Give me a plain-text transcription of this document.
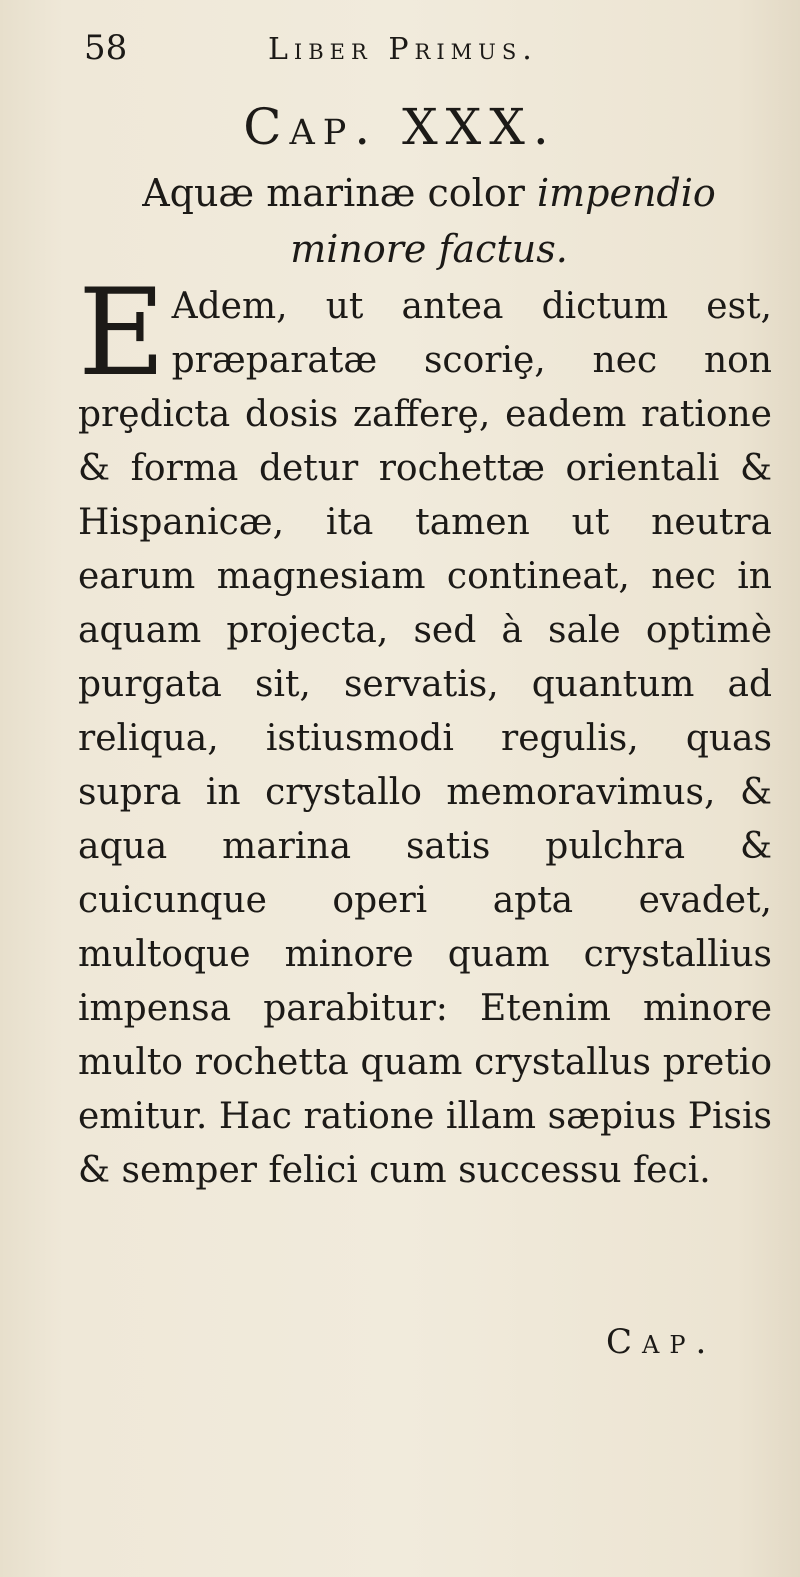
58	Liber Primus.
Cap. XXX.
Aquæ marinæ color impendio minore factus.
E Adem, ut antea dictum est, præparatæ scoriȩ, nec non prȩdicta dosis zafferȩ, eadem ratione & forma detur rochettæ orientali & Hispanicæ, ita tamen ut neutra earum magnesiam contineat, nec in aquam projecta, sed à sale optimè purgata sit, servatis, quantum ad reliqua, istiusmodi regulis, quas supra in crystallo memoravimus, & aqua marina satis pulchra & cuicunque operi apta evadet, multoque minore quam crystallius impensa parabitur: Etenim minore multo rochetta quam crystallus pretio emitur. Hac ratione illam sæpius Pisis & semper felici cum successu feci.
Cap.
